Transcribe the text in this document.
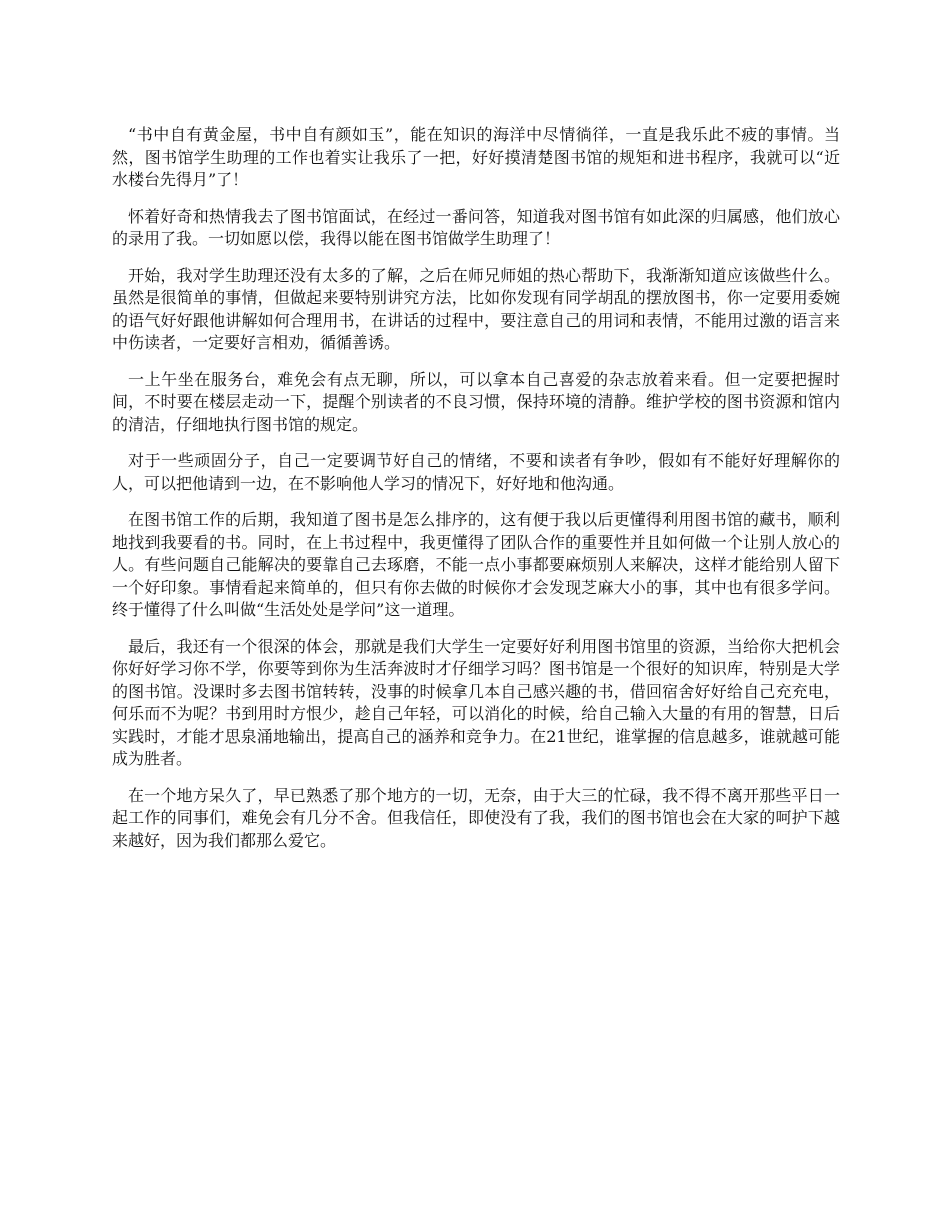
“书中自有黄金屋，书中自有颜如玉”，能在知识的海洋中尽情徜徉，一直是我乐此不疲的事情。当然，图书馆学生助理的工作也着实让我乐了一把，好好摸清楚图书馆的规矩和进书程序，我就可以“近水楼台先得月”了！

怀着好奇和热情我去了图书馆面试，在经过一番问答，知道我对图书馆有如此深的归属感，他们放心的录用了我。一切如愿以偿，我得以能在图书馆做学生助理了！

开始，我对学生助理还没有太多的了解，之后在师兄师姐的热心帮助下，我渐渐知道应该做些什么。虽然是很简单的事情，但做起来要特别讲究方法，比如你发现有同学胡乱的摆放图书，你一定要用委婉的语气好好跟他讲解如何合理用书，在讲话的过程中，要注意自己的用词和表情，不能用过激的语言来中伤读者，一定要好言相劝，循循善诱。

一上午坐在服务台，难免会有点无聊，所以，可以拿本自己喜爱的杂志放着来看。但一定要把握时间，不时要在楼层走动一下，提醒个别读者的不良习惯，保持环境的清静。维护学校的图书资源和馆内的清洁，仔细地执行图书馆的规定。

对于一些顽固分子，自己一定要调节好自己的情绪，不要和读者有争吵，假如有不能好好理解你的人，可以把他请到一边，在不影响他人学习的情况下，好好地和他沟通。

在图书馆工作的后期，我知道了图书是怎么排序的，这有便于我以后更懂得利用图书馆的藏书，顺利地找到我要看的书。同时，在上书过程中，我更懂得了团队合作的重要性并且如何做一个让别人放心的人。有些问题自己能解决的要靠自己去琢磨，不能一点小事都要麻烦别人来解决，这样才能给别人留下一个好印象。事情看起来简单的，但只有你去做的时候你才会发现芝麻大小的事，其中也有很多学问。终于懂得了什么叫做“生活处处是学问”这一道理。

最后，我还有一个很深的体会，那就是我们大学生一定要好好利用图书馆里的资源，当给你大把机会你好好学习你不学，你要等到你为生活奔波时才仔细学习吗？图书馆是一个很好的知识库，特别是大学的图书馆。没课时多去图书馆转转，没事的时候拿几本自己感兴趣的书，借回宿舍好好给自己充充电，何乐而不为呢？书到用时方恨少，趁自己年轻，可以消化的时候，给自己输入大量的有用的智慧，日后实践时，才能才思泉涌地输出，提高自己的涵养和竞争力。在21世纪，谁掌握的信息越多，谁就越可能成为胜者。

在一个地方呆久了，早已熟悉了那个地方的一切，无奈，由于大三的忙碌，我不得不离开那些平日一起工作的同事们，难免会有几分不舍。但我信任，即使没有了我，我们的图书馆也会在大家的呵护下越来越好，因为我们都那么爱它。
